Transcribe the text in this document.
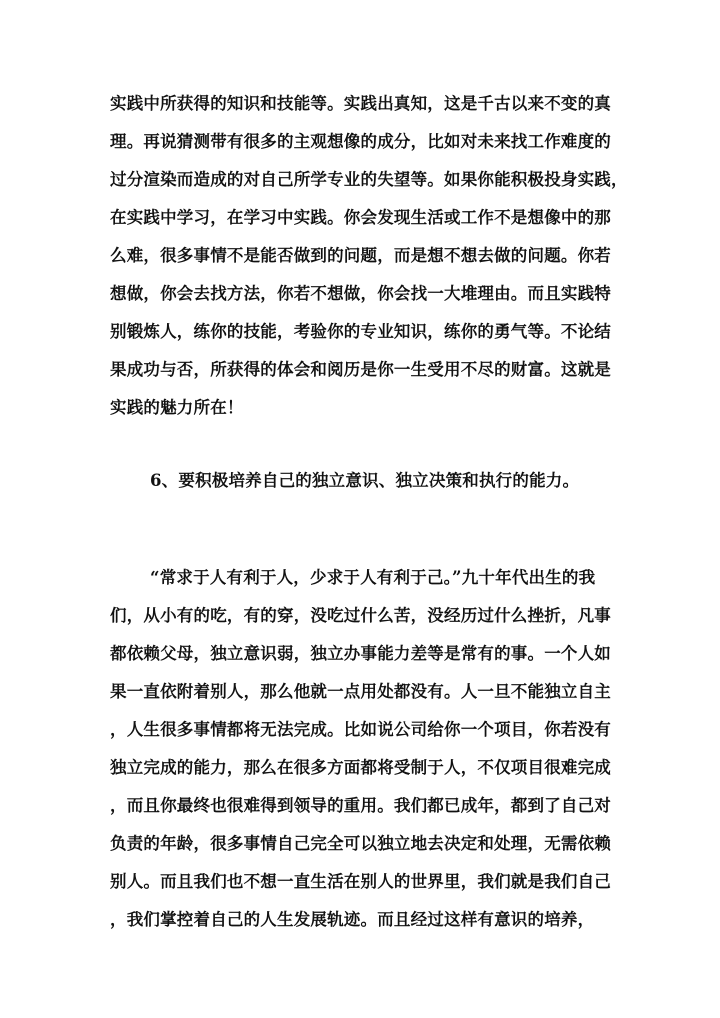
实践中所获得的知识和技能等。实践出真知，这是千古以来不变的真
理。再说猜测带有很多的主观想像的成分，比如对未来找工作难度的
过分渲染而造成的对自己所学专业的失望等。如果你能积极投身实践，
在实践中学习，在学习中实践。你会发现生活或工作不是想像中的那
么难，很多事情不是能否做到的问题，而是想不想去做的问题。你若
想做，你会去找方法，你若不想做，你会找一大堆理由。而且实践特
别锻炼人，练你的技能，考验你的专业知识，练你的勇气等。不论结
果成功与否，所获得的体会和阅历是你一生受用不尽的财富。这就是
实践的魅力所在！
6、要积极培养自己的独立意识、独立决策和执行的能力。
“常求于人有利于人，少求于人有利于己。”九十年代出生的我
们，从小有的吃，有的穿，没吃过什么苦，没经历过什么挫折，凡事
都依赖父母，独立意识弱，独立办事能力差等是常有的事。一个人如
果一直依附着别人，那么他就一点用处都没有。人一旦不能独立自主
，人生很多事情都将无法完成。比如说公司给你一个项目，你若没有
独立完成的能力，那么在很多方面都将受制于人，不仅项目很难完成
，而且你最终也很难得到领导的重用。我们都已成年，都到了自己对
负责的年龄，很多事情自己完全可以独立地去决定和处理，无需依赖
别人。而且我们也不想一直生活在别人的世界里，我们就是我们自己
，我们掌控着自己的人生发展轨迹。而且经过这样有意识的培养，
